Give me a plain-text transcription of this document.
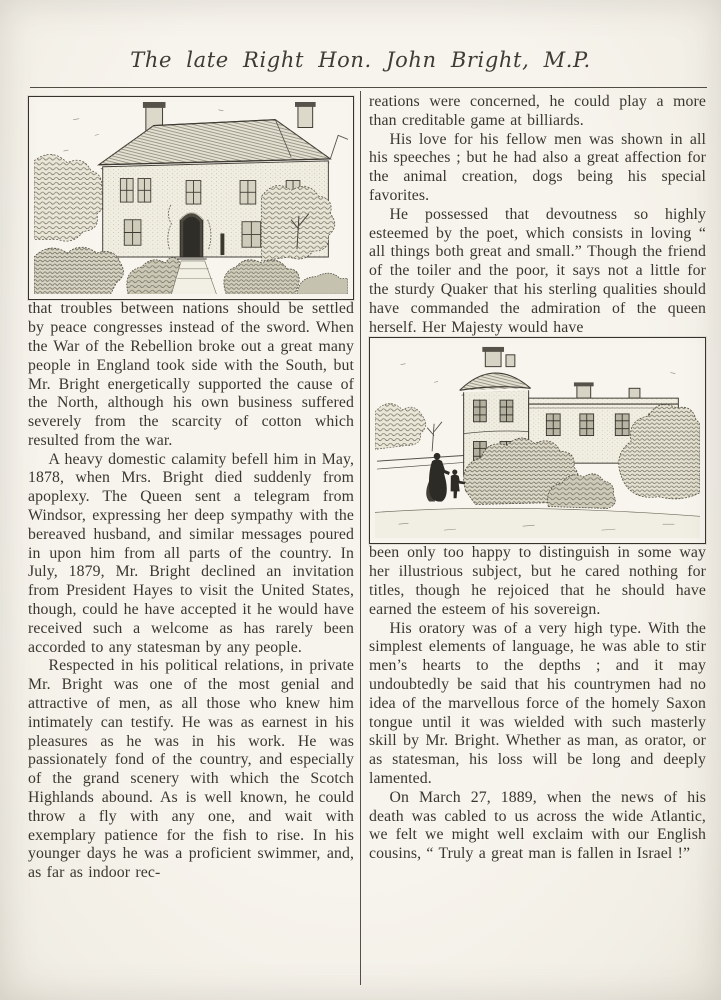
The late Right Hon. John Bright, M.P.

that troubles between nations should be settled by peace congresses instead of the sword. When the War of the Rebellion broke out a great many people in England took side with the South, but Mr. Bright energetically supported the cause of the North, although his own business suffered severely from the scarcity of cotton which resulted from the war.

A heavy domestic calamity befell him in May, 1878, when Mrs. Bright died suddenly from apoplexy. The Queen sent a telegram from Windsor, expressing her deep sympathy with the bereaved husband, and similar messages poured in upon him from all parts of the country. In July, 1879, Mr. Bright declined an invitation from President Hayes to visit the United States, though, could he have accepted it he would have received such a welcome as has rarely been accorded to any statesman by any people.

Respected in his political relations, in private Mr. Bright was one of the most genial and attractive of men, as all those who knew him intimately can testify. He was as earnest in his pleasures as he was in his work. He was passionately fond of the country, and especially of the grand scenery with which the Scotch Highlands abound. As is well known, he could throw a fly with any one, and wait with exemplary patience for the fish to rise. In his younger days he was a proficient swimmer, and, as far as indoor rec-

reations were concerned, he could play a more than creditable game at billiards.

His love for his fellow men was shown in all his speeches ; but he had also a great affection for the animal creation, dogs being his special favorites.

He possessed that devoutness so highly esteemed by the poet, which consists in loving “ all things both great and small.” Though the friend of the toiler and the poor, it says not a little for the sturdy Quaker that his sterling qualities should have commanded the admiration of the queen herself. Her Majesty would have

been only too happy to distinguish in some way her illustrious subject, but he cared nothing for titles, though he rejoiced that he should have earned the esteem of his sovereign.

His oratory was of a very high type. With the simplest elements of language, he was able to stir men’s hearts to the depths ; and it may undoubtedly be said that his countrymen had no idea of the marvellous force of the homely Saxon tongue until it was wielded with such masterly skill by Mr. Bright. Whether as man, as orator, or as statesman, his loss will be long and deeply lamented.

On March 27, 1889, when the news of his death was cabled to us across the wide Atlantic, we felt we might well exclaim with our English cousins, “ Truly a great man is fallen in Israel !”
